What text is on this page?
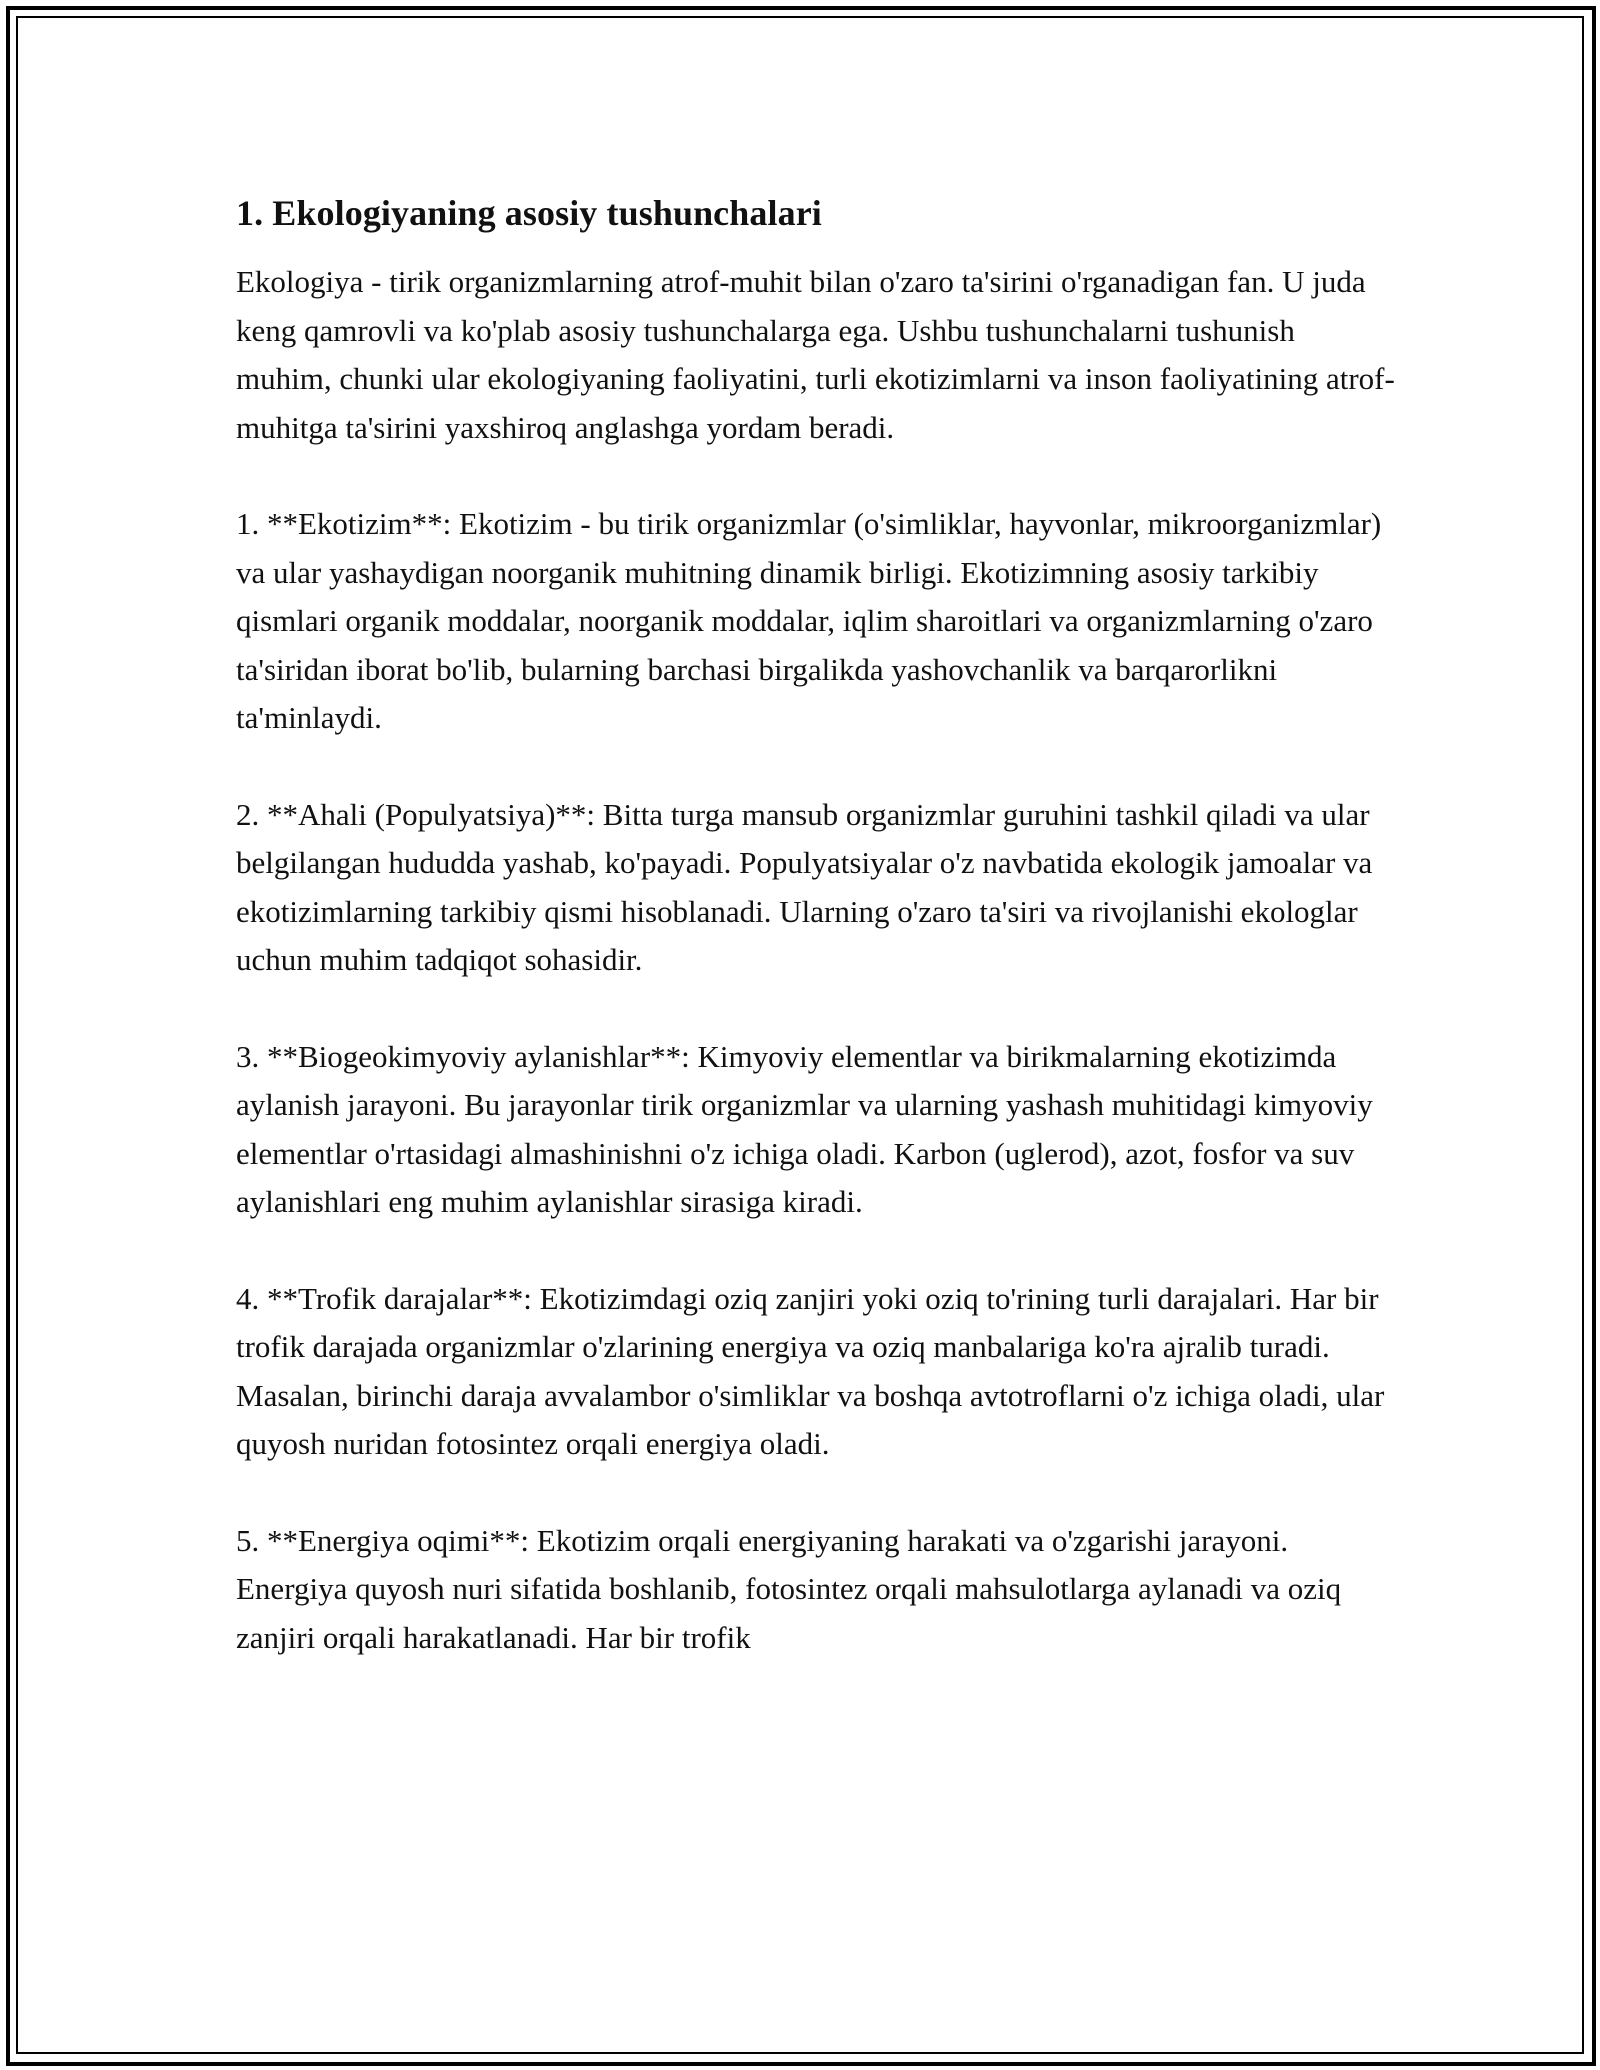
1. Ekologiyaning asosiy tushunchalari

Ekologiya - tirik organizmlarning atrof-muhit bilan o'zaro ta'sirini o'rganadigan fan. U juda keng qamrovli va ko'plab asosiy tushunchalarga ega. Ushbu tushunchalarni tushunish muhim, chunki ular ekologiyaning faoliyatini, turli ekotizimlarni va inson faoliyatining atrof-muhitga ta'sirini yaxshiroq anglashga yordam beradi.

1. **Ekotizim**: Ekotizim - bu tirik organizmlar (o'simliklar, hayvonlar, mikroorganizmlar) va ular yashaydigan noorganik muhitning dinamik birligi. Ekotizimning asosiy tarkibiy qismlari organik moddalar, noorganik moddalar, iqlim sharoitlari va organizmlarning o'zaro ta'siridan iborat bo'lib, bularning barchasi birgalikda yashovchanlik va barqarorlikni ta'minlaydi.

2. **Ahali (Populyatsiya)**: Bitta turga mansub organizmlar guruhini tashkil qiladi va ular belgilangan hududda yashab, ko'payadi. Populyatsiyalar o'z navbatida ekologik jamoalar va ekotizimlarning tarkibiy qismi hisoblanadi. Ularning o'zaro ta'siri va rivojlanishi ekologlar uchun muhim tadqiqot sohasidir.

3. **Biogeokimyoviy aylanishlar**: Kimyoviy elementlar va birikmalarning ekotizimda aylanish jarayoni. Bu jarayonlar tirik organizmlar va ularning yashash muhitidagi kimyoviy elementlar o'rtasidagi almashinishni o'z ichiga oladi. Karbon (uglerod), azot, fosfor va suv aylanishlari eng muhim aylanishlar sirasiga kiradi.

4. **Trofik darajalar**: Ekotizimdagi oziq zanjiri yoki oziq to'rining turli darajalari. Har bir trofik darajada organizmlar o'zlarining energiya va oziq manbalariga ko'ra ajralib turadi. Masalan, birinchi daraja avvalambor o'simliklar va boshqa avtotroflarni o'z ichiga oladi, ular quyosh nuridan fotosintez orqali energiya oladi.

5. **Energiya oqimi**: Ekotizim orqali energiyaning harakati va o'zgarishi jarayoni. Energiya quyosh nuri sifatida boshlanib, fotosintez orqali mahsulotlarga aylanadi va oziq zanjiri orqali harakatlanadi. Har bir trofik
